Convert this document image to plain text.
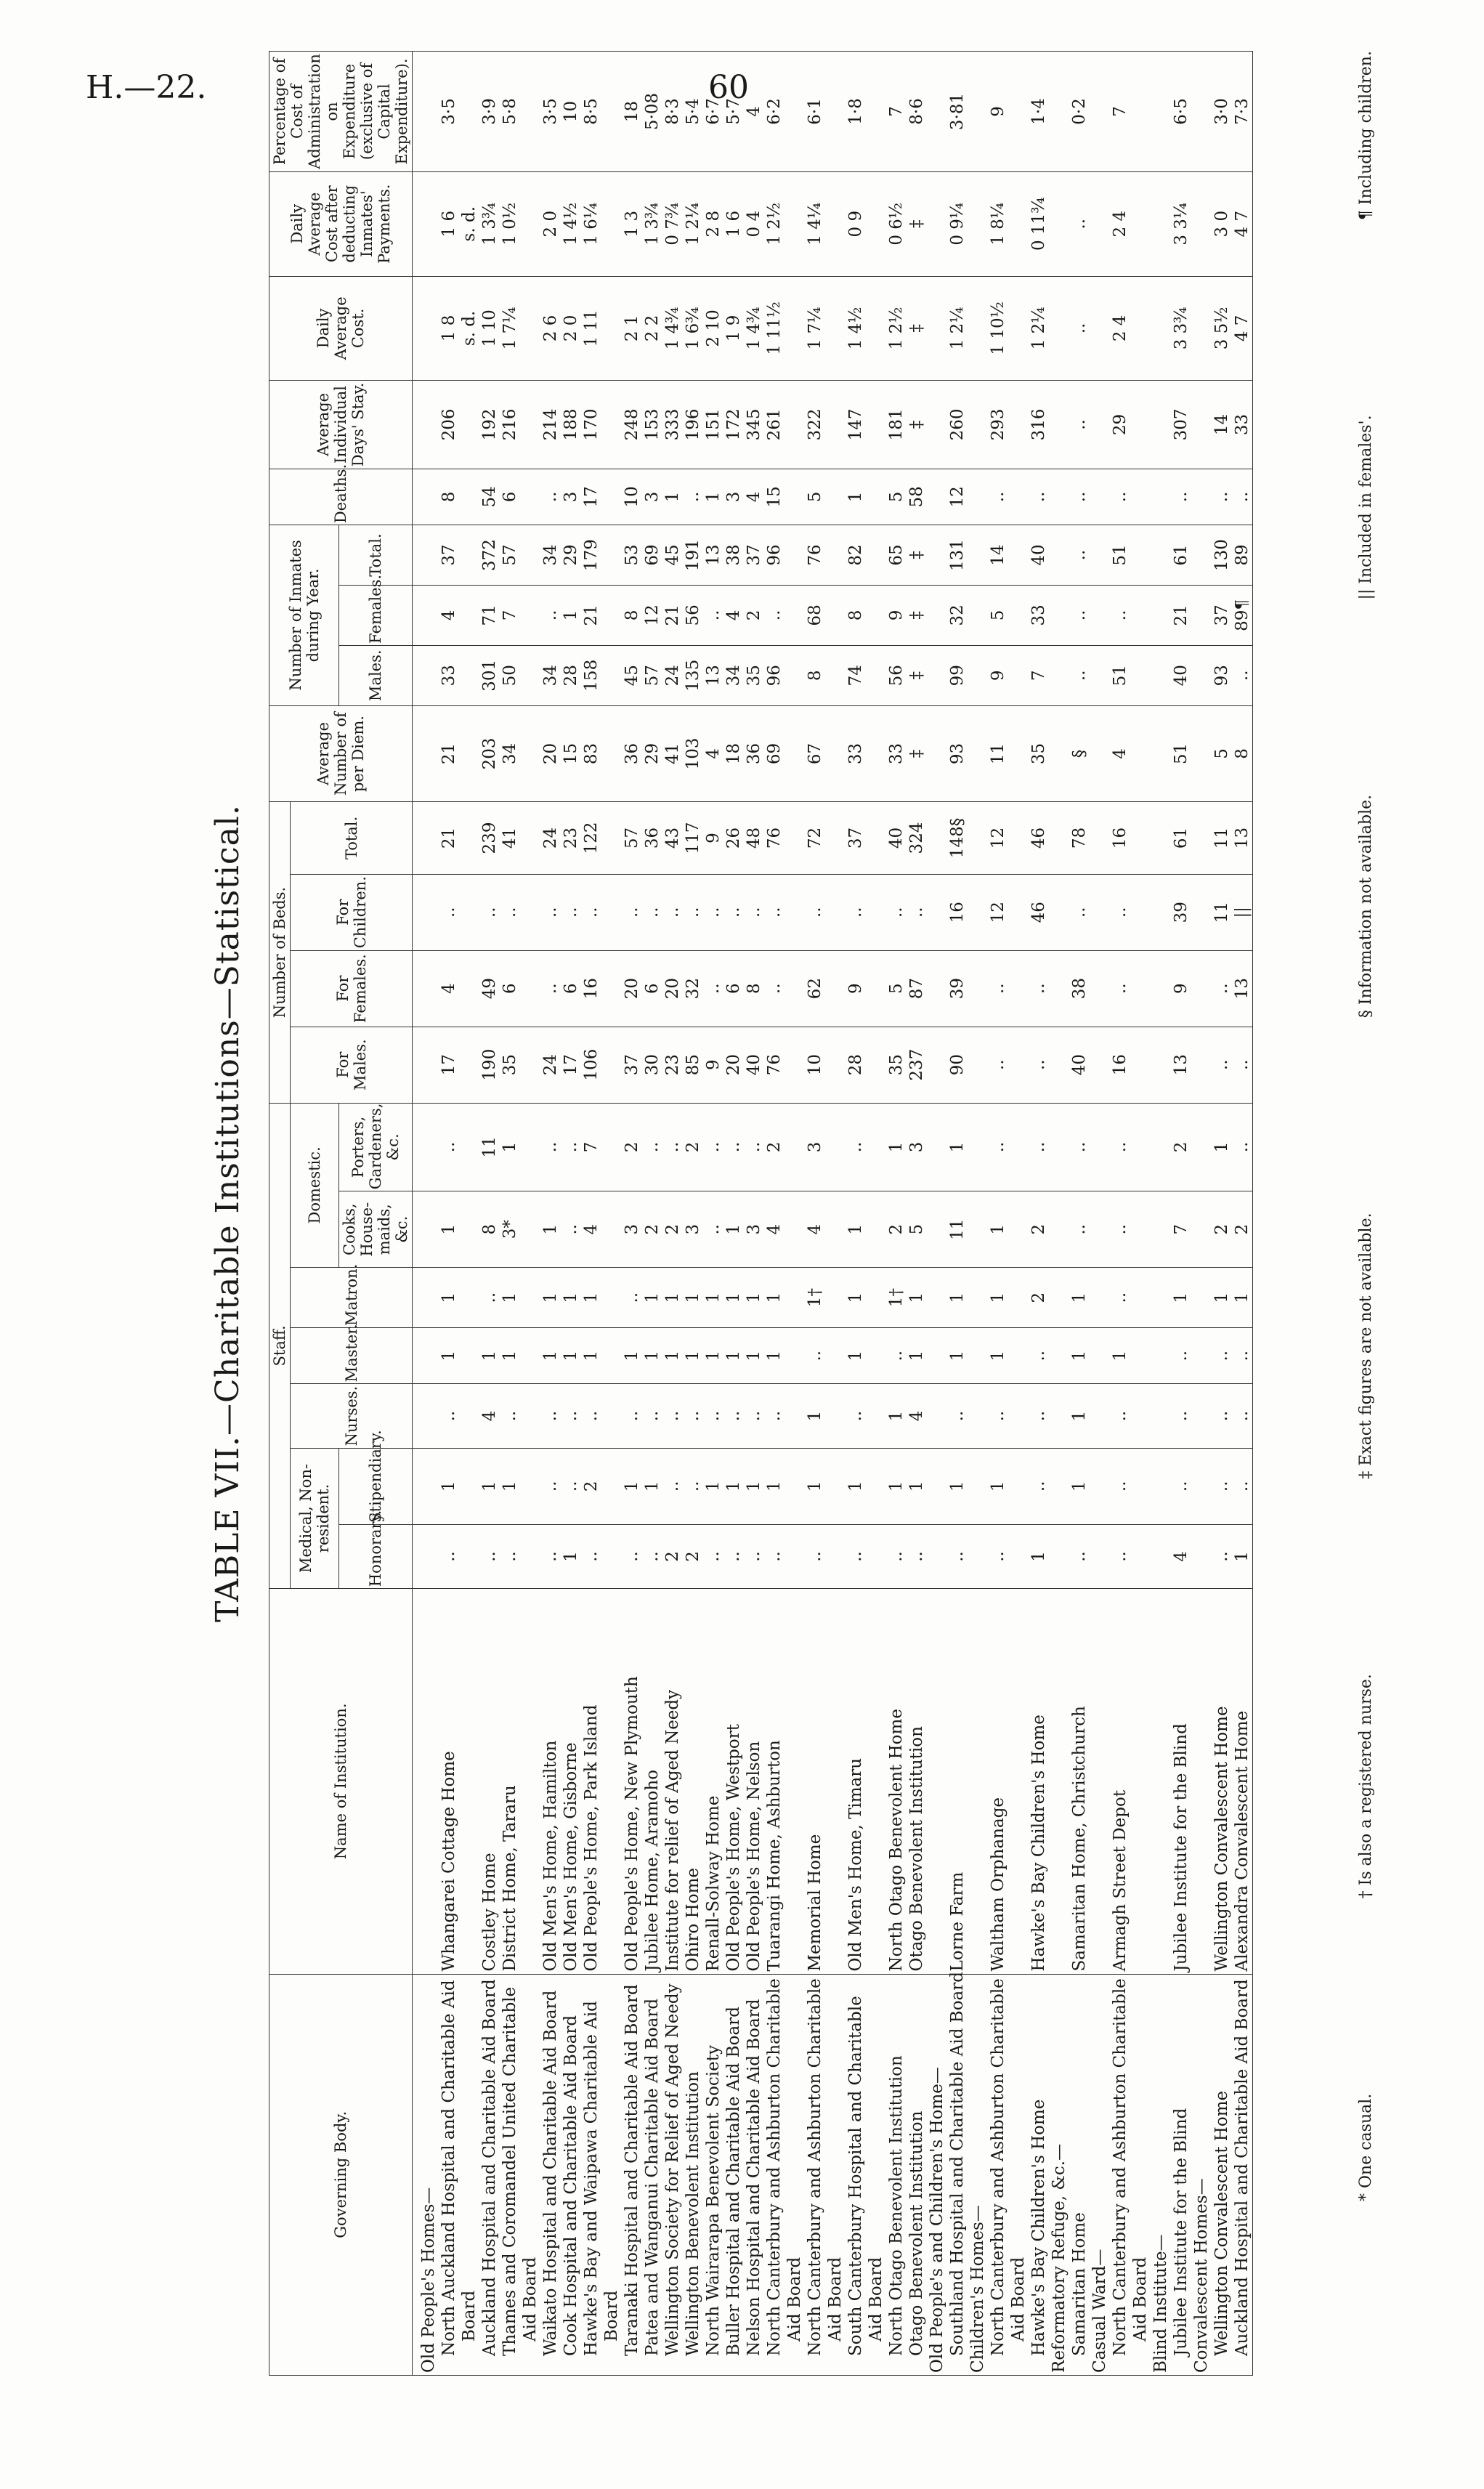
H.—22.	60
TABLE VII.—Charitable Institutions—Statistical.
Governing Body.	Name of Institution.	Staff.							Number of Beds.				Average Number of per Diem.	Number of Inmates during Year.			Deaths.	Average Individual Days' Stay.	Daily Average Cost.	Daily Average Cost after deducting Inmates' Payments.	Percentage of Cost of Administration on Expenditure (exclusive of Capital Expenditure).
		Medical, Non-resident.		Nurses.	Master.	Matron.	Domestic.		For Males.	For Females.	For Children.	Total.									
		Honorary.	Stipendiary.				Cooks, House-maids, &c.	Porters, Gardeners, &c.						Males.	Females.	Total.					
Old People's Homes—																					
North Auckland Hospital and Charitable Aid	Whangarei Cottage Home	..	1	..	1	1	1	..	17	4	..	21	21	33	4	37	8	206	1 8	1 6	3·5
Board																			s. d.	s. d.	
Auckland Hospital and Charitable Aid Board	Costley Home	..	1	4	1	..	8	11	190	49	..	239	203	301	71	372	54	192	1 10	1 3¾	3·9
Thames and Coromandel United Charitable	District Home, Tararu	..	1	..	1	1	3*	1	35	6	..	41	34	50	7	57	6	216	1 7¼	1 0½	5·8
Aid Board																					
Waikato Hospital and Charitable Aid Board	Old Men's Home, Hamilton	..	..	..	1	1	1	..	24	..	..	24	20	34	..	34	..	214	2 6	2 0	3·5
Cook Hospital and Charitable Aid Board	Old Men's Home, Gisborne	1	..	..	1	1	..	..	17	6	..	23	15	28	1	29	3	188	2 0	1 4½	10
Hawke's Bay and Waipawa Charitable Aid	Old People's Home, Park Island	..	2	..	1	1	4	7	106	16	..	122	83	158	21	179	17	170	1 11	1 6¼	8·5
Board																					
Taranaki Hospital and Charitable Aid Board	Old People's Home, New Plymouth	..	1	..	1	..	3	2	37	20	..	57	36	45	8	53	10	248	2 1	1 3	18
Patea and Wanganui Charitable Aid Board	Jubilee Home, Aramoho	..	1	..	1	1	2	..	30	6	..	36	29	57	12	69	3	153	2 2	1 3¾	5·08
Wellington Society for Relief of Aged Needy	Institute for relief of Aged Needy	2	..	..	1	1	2	..	23	20	..	43	41	24	21	45	1	333	1 4¾	0 7¾	8·3
Wellington Benevolent Institution	Ohiro Home	2	..	..	1	1	3	2	85	32	..	117	103	135	56	191	..	196	1 6¾	1 2¼	5·4
North Wairarapa Benevolent Society	Renall-Solway Home	..	1	..	1	1	..	..	9	..	..	9	4	13	..	13	1	151	2 10	2 8	6·7
Buller Hospital and Charitable Aid Board	Old People's Home, Westport	..	1	..	1	1	1	..	20	6	..	26	18	34	4	38	3	172	1 9	1 6	5·7
Nelson Hospital and Charitable Aid Board	Old People's Home, Nelson	..	1	..	1	1	3	..	40	8	..	48	36	35	2	37	4	345	1 4¾	0 4	4
North Canterbury and Ashburton Charitable	Tuarangi Home, Ashburton	..	1	..	1	1	4	2	76	..	..	76	69	96	..	96	15	261	1 11½	1 2½	6·2
Aid Board																					
North Canterbury and Ashburton Charitable	Memorial Home	..	1	1	..	1†	4	3	10	62	..	72	67	8	68	76	5	322	1 7¼	1 4¼	6·1
Aid Board																					
South Canterbury Hospital and Charitable	Old Men's Home, Timaru	..	1	..	1	1	1	..	28	9	..	37	33	74	8	82	1	147	1 4½	0 9	1·8
Aid Board																					
North Otago Benevolent Institution	North Otago Benevolent Home	..	1	1	..	1†	2	1	35	5	..	40	33	56	9	65	5	181	1 2½	0 6½	7
Otago Benevolent Institution	Otago Benevolent Institution	..	1	4	1	1	5	3	237	87	..	324	‡	‡	‡	‡	58	‡	‡	‡	8·6
Old People's and Children's Home—																					
Southland Hospital and Charitable Aid Board	Lorne Farm	..	1	..	1	1	11	1	90	39	16	148§	93	99	32	131	12	260	1 2¼	0 9¼	3·81
Children's Homes—																					
North Canterbury and Ashburton Charitable	Waltham Orphanage	..	1	..	1	1	1	..	..	..	12	12	11	9	5	14	..	293	1 10½	1 8¼	9
Aid Board																					
Hawke's Bay Children's Home	Hawke's Bay Children's Home	1	..	..	..	2	2	..	..	..	46	46	35	7	33	40	..	316	1 2¼	0 11¾	1·4
Reformatory Refuge, &c.—																					
Samaritan Home	Samaritan Home, Christchurch	..	1	1	1	1	..	..	40	38	..	78	§	..	..	..	..	..	..	..	0·2
Casual Ward—																					
North Canterbury and Ashburton Charitable	Armagh Street Depot	..	..	..	1	..	..	..	16	..	..	16	4	51	..	51	..	29	2 4	2 4	7
Aid Board																					
Blind Institute—																					
Jubilee Institute for the Blind	Jubilee Institute for the Blind	4	..	..	..	1	7	2	13	9	39	61	51	40	21	61	..	307	3 3¾	3 3¼	6·5
Convalescent Homes—																					
Wellington Convalescent Home	Wellington Convalescent Home	..	..	..	..	1	2	1	..	..	11	11	5	93	37	130	..	14	3 5½	3 0	3·0
Auckland Hospital and Charitable Aid Board	Alexandra Convalescent Home	1	..	..	..	1	2	..	..	13	||	13	8	..	89¶	89	..	33	4 7	4 7	7·3
* One casual.
† Is also a registered nurse.
‡ Exact figures are not available.
§ Information not available.
|| Included in females'.
¶ Including children.
